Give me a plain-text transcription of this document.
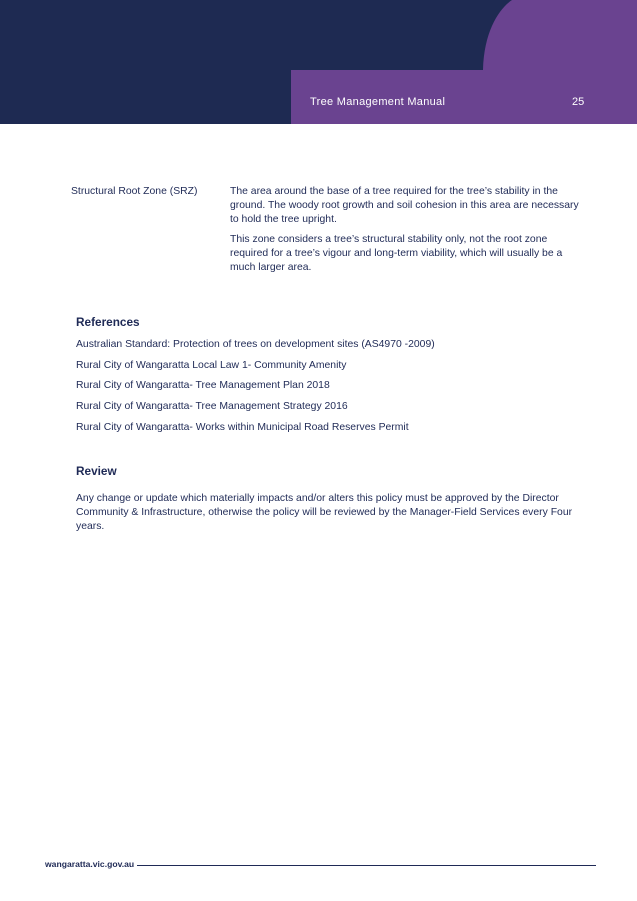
Tree Management Manual	25
Structural Root Zone (SRZ)	The area around the base of a tree required for the tree’s stability in the ground. The woody root growth and soil cohesion in this area are necessary to hold the tree upright.

This zone considers a tree’s structural stability only, not the root zone required for a tree’s vigour and long-term viability, which will usually be a much larger area.

References
Australian Standard: Protection of trees on development sites (AS4970 -2009)
Rural City of Wangaratta Local Law 1- Community Amenity
Rural City of Wangaratta- Tree Management Plan 2018
Rural City of Wangaratta- Tree Management Strategy 2016
Rural City of Wangaratta- Works within Municipal Road Reserves Permit
Review
Any change or update which materially impacts and/or alters this policy must be approved by the Director Community & Infrastructure, otherwise the policy will be reviewed by the Manager-Field Services every Four years.
wangaratta.vic.gov.au
